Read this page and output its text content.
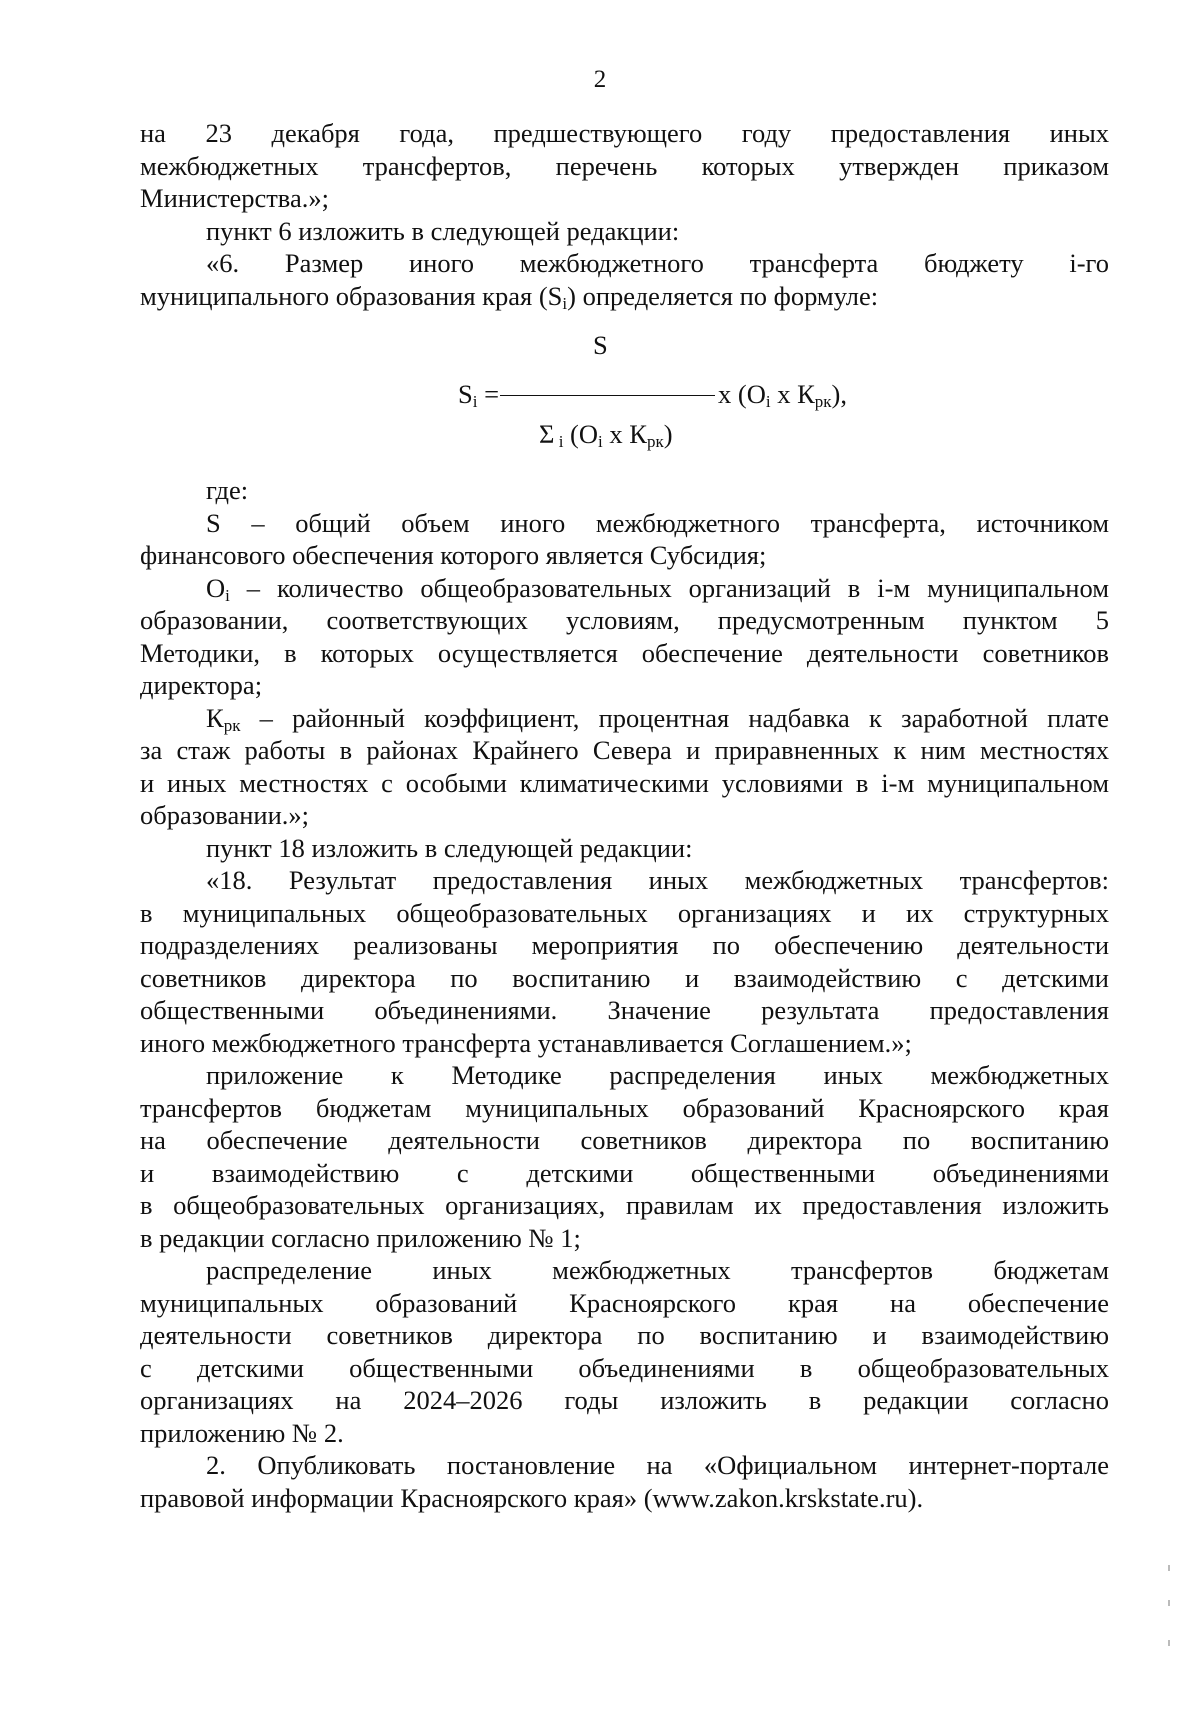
2
на 23 декабря года, предшествующего году предоставления иных
межбюджетных трансфертов, перечень которых утвержден приказом
Министерства.»;
пункт 6 изложить в следующей редакции:
«6. Размер иного межбюджетного трансферта бюджету i-го
муниципального образования края $(S_i)$ определяется по формуле:
$S_i$ =
S
x ($O_i$ x $К_{рк}$),
Σ $_i$ ($O_i$ x $К_{рк}$)
где:
S – общий объем иного межбюджетного трансферта, источником
финансового обеспечения которого является Субсидия;
$O_i$ – количество общеобразовательных организаций в i-м муниципальном
образовании, соответствующих условиям, предусмотренным пунктом 5
Методики, в которых осуществляется обеспечение деятельности советников
директора;
$К_{рк}$ – районный коэффициент, процентная надбавка к заработной плате
за стаж работы в районах Крайнего Севера и приравненных к ним местностях
и иных местностях с особыми климатическими условиями в i-м муниципальном
образовании.»;
пункт 18 изложить в следующей редакции:
«18. Результат предоставления иных межбюджетных трансфертов:
в муниципальных общеобразовательных организациях и их структурных
подразделениях реализованы мероприятия по обеспечению деятельности
советников директора по воспитанию и взаимодействию с детскими
общественными объединениями. Значение результата предоставления
иного межбюджетного трансферта устанавливается Соглашением.»;
приложение к Методике распределения иных межбюджетных
трансфертов бюджетам муниципальных образований Красноярского края
на обеспечение деятельности советников директора по воспитанию
и взаимодействию с детскими общественными объединениями
в общеобразовательных организациях, правилам их предоставления изложить
в редакции согласно приложению № 1;
распределение иных межбюджетных трансфертов бюджетам
муниципальных образований Красноярского края на обеспечение
деятельности советников директора по воспитанию и взаимодействию
с детскими общественными объединениями в общеобразовательных
организациях на 2024–2026 годы изложить в редакции согласно
приложению № 2.
2. Опубликовать постановление на «Официальном интернет-портале
правовой информации Красноярского края» (www.zakon.krskstate.ru).
